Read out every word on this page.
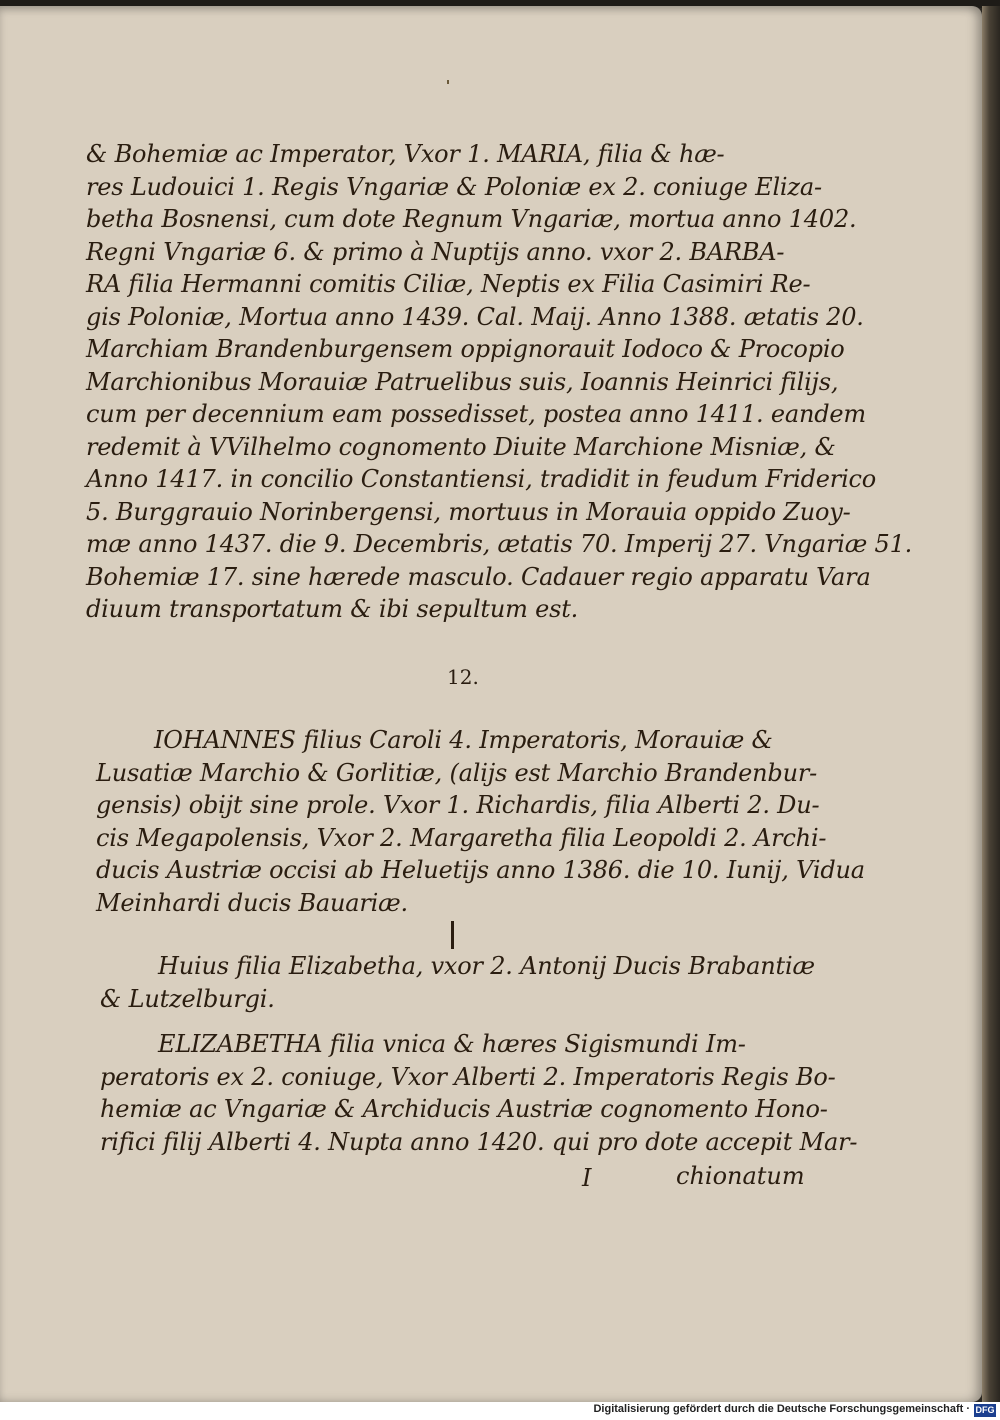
& Bohemiæ ac Imperator, Vxor 1. MARIA, filia & hæ-
res Ludouici 1. Regis Vngariæ & Poloniæ ex 2. coniuge Eliza-
betha Bosnensi, cum dote Regnum Vngariæ, mortua anno 1402.
Regni Vngariæ 6. & primo à Nuptijs anno. vxor 2. BARBA-
RA filia Hermanni comitis Ciliæ, Neptis ex Filia Casimiri Re-
gis Poloniæ, Mortua anno 1439. Cal. Maij. Anno 1388. ætatis 20.
Marchiam Brandenburgensem oppignorauit Iodoco & Procopio
Marchionibus Morauiæ Patruelibus suis, Ioannis Heinrici filijs,
cum per decennium eam possedisset, postea anno 1411. eandem
redemit à VVilhelmo cognomento Diuite Marchione Misniæ, &
Anno 1417. in concilio Constantiensi, tradidit in feudum Friderico
5. Burggrauio Norinbergensi, mortuus in Morauia oppido Zuoy-
mæ anno 1437. die 9. Decembris, ætatis 70. Imperij 27. Vngariæ 51.
Bohemiæ 17. sine hærede masculo. Cadauer regio apparatu Vara
diuum transportatum & ibi sepultum est.
12.
IOHANNES filius Caroli 4. Imperatoris, Morauiæ &
Lusatiæ Marchio & Gorlitiæ, (alijs est Marchio Brandenbur-
gensis) obijt sine prole. Vxor 1. Richardis, filia Alberti 2. Du-
cis Megapolensis, Vxor 2. Margaretha filia Leopoldi 2. Archi-
ducis Austriæ occisi ab Heluetijs anno 1386. die 10. Iunij, Vidua
Meinhardi ducis Bauariæ.
Huius filia Elizabetha, vxor 2. Antonij Ducis Brabantiæ
& Lutzelburgi.
ELIZABETHA filia vnica & hæres Sigismundi Im-
peratoris ex 2. coniuge, Vxor Alberti 2. Imperatoris Regis Bo-
hemiæ ac Vngariæ & Archiducis Austriæ cognomento Hono-
rifici filij Alberti 4. Nupta anno 1420. qui pro dote accepit Mar-
I	chionatum
Digitalisierung gefördert durch die Deutsche Forschungsgemeinschaft · DFG
